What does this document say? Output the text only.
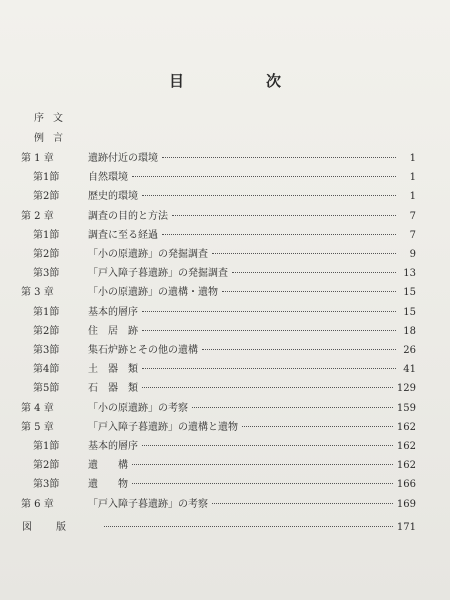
目	次
序文
例言
第 1 章	遺跡付近の環境	1
第1節	自然環境	1
第2節	歴史的環境	1
第 2 章	調査の目的と方法	7
第1節	調査に至る経過	7
第2節	「小の原遺跡」の発掘調査	9
第3節	「戸入障子暮遺跡」の発掘調査	13
第 3 章	「小の原遺跡」の遺構・遺物	15
第1節	基本的層序	15
第2節	住　居　跡	18
第3節	集石炉跡とその他の遺構	26
第4節	土　器　類	41
第5節	石　器　類	129
第 4 章	「小の原遺跡」の考察	159
第 5 章	「戸入障子暮遺跡」の遺構と遺物	162
第1節	基本的層序	162
第2節	遺　　構	162
第3節	遺　　物	166
第 6 章	「戸入障子暮遺跡」の考察	169
図版	171
